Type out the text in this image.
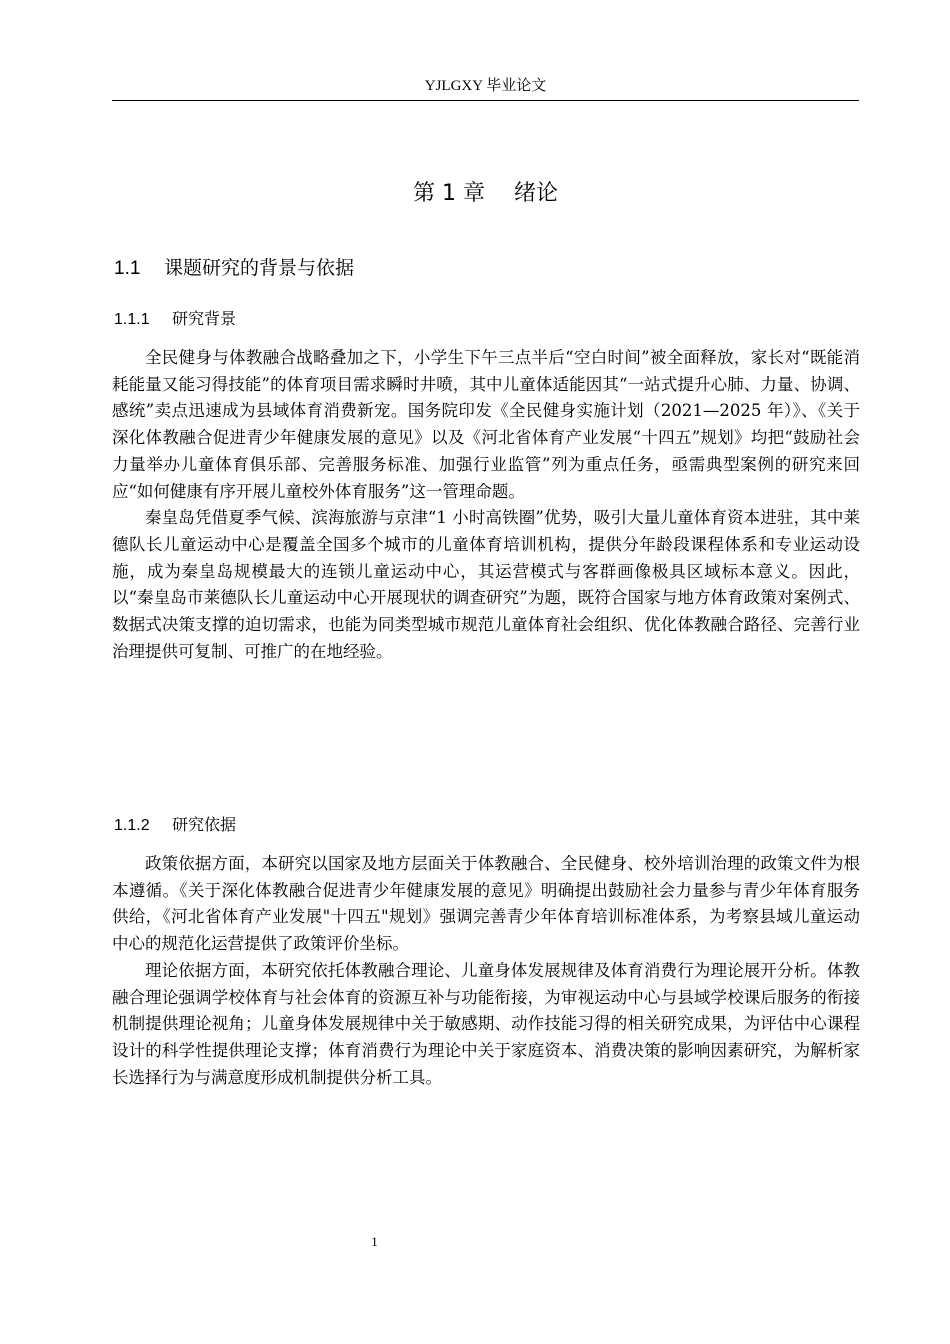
YJLGXY 毕业论文
第 1 章　 绪论
1.1 课题研究的背景与依据
1.1.1 研究背景

全民健身与体教融合战略叠加之下，小学生下午三点半后“空白时间”被全面释放，家长对“既能消耗能量又能习得技能”的体育项目需求瞬时井喷，其中儿童体适能因其“一站式提升心肺、力量、协调、感统”卖点迅速成为县域体育消费新宠。国务院印发《全民健身实施计划（2021—2025 年）》、《关于深化体教融合促进青少年健康发展的意见》以及《河北省体育产业发展“十四五”规划》均把“鼓励社会力量举办儿童体育俱乐部、完善服务标准、加强行业监管”列为重点任务，亟需典型案例的研究来回应“如何健康有序开展儿童校外体育服务”这一管理命题。

秦皇岛凭借夏季气候、滨海旅游与京津“1 小时高铁圈”优势，吸引大量儿童体育资本进驻，其中莱德队长儿童运动中心是覆盖全国多个城市的儿童体育培训机构，提供分年龄段课程体系和专业运动设施，成为秦皇岛规模最大的连锁儿童运动中心，其运营模式与客群画像极具区域标本意义。因此，以“秦皇岛市莱德队长儿童运动中心开展现状的调查研究”为题，既符合国家与地方体育政策对案例式、数据式决策支撑的迫切需求，也能为同类型城市规范儿童体育社会组织、优化体教融合路径、完善行业治理提供可复制、可推广的在地经验。

1.1.2 研究依据

政策依据方面，本研究以国家及地方层面关于体教融合、全民健身、校外培训治理的政策文件为根本遵循。《关于深化体教融合促进青少年健康发展的意见》明确提出鼓励社会力量参与青少年体育服务供给，《河北省体育产业发展"十四五"规划》强调完善青少年体育培训标准体系，为考察县域儿童运动中心的规范化运营提供了政策评价坐标。

理论依据方面，本研究依托体教融合理论、儿童身体发展规律及体育消费行为理论展开分析。体教融合理论强调学校体育与社会体育的资源互补与功能衔接，为审视运动中心与县域学校课后服务的衔接机制提供理论视角；儿童身体发展规律中关于敏感期、动作技能习得的相关研究成果，为评估中心课程设计的科学性提供理论支撑；体育消费行为理论中关于家庭资本、消费决策的影响因素研究，为解析家长选择行为与满意度形成机制提供分析工具。

1
